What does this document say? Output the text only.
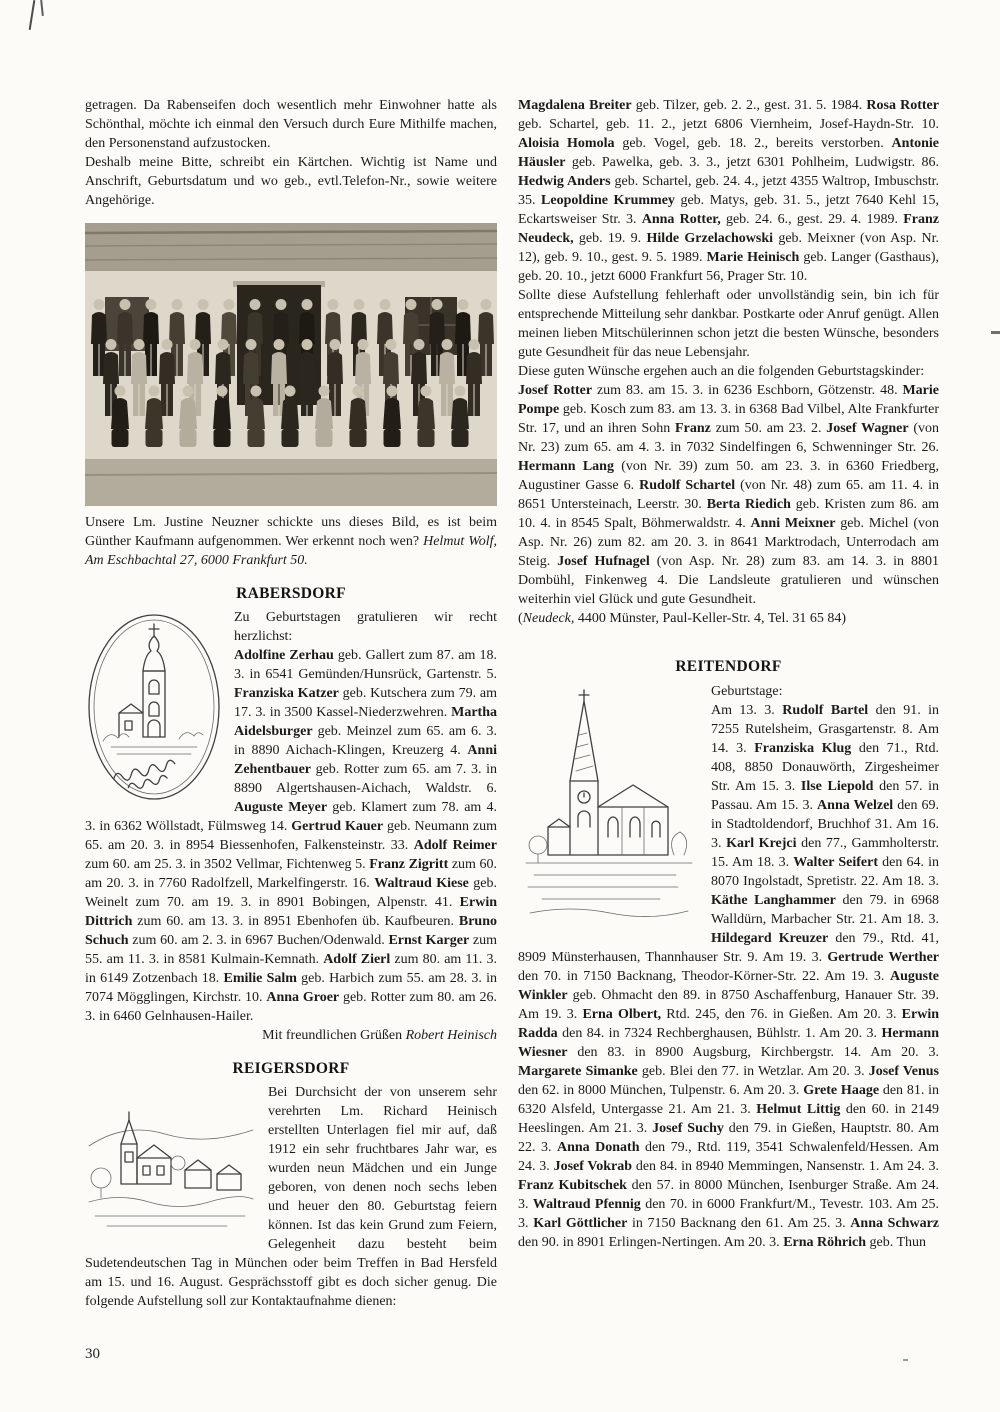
getragen. Da Rabenseifen doch wesentlich mehr Einwohner hatte als Schönthal, möchte ich einmal den Versuch durch Eure Mithilfe machen, den Personenstand aufzustocken.
Deshalb meine Bitte, schreibt ein Kärtchen. Wichtig ist Name und Anschrift, Geburtsdatum und wo geb., evtl.Telefon-Nr., sowie weitere Angehörige.

Unsere Lm. Justine Neuzner schickte uns dieses Bild, es ist beim Günther Kaufmann aufgenommen. Wer erkennt noch wen? Helmut Wolf, Am Eschbachtal 27, 6000 Frankfurt 50.

RABERSDORF

Zu Geburtstagen gratulieren wir recht herzlichst:
Adolfine Zerhau geb. Gallert zum 87. am 18. 3. in 6541 Gemünden/Hunsrück, Gartenstr. 5. Franziska Katzer geb. Kutschera zum 79. am 17. 3. in 3500 Kassel-Niederzwehren. Martha Aidelsburger geb. Meinzel zum 65. am 6. 3. in 8890 Aichach-Klingen, Kreuzerg 4. Anni Zehentbauer geb. Rotter zum 65. am 7. 3. in 8890 Algertshausen-Aichach, Waldstr. 6. Auguste Meyer geb. Klamert zum 78. am 4. 3. in 6362 Wöllstadt, Fülmsweg 14. Gertrud Kauer geb. Neumann zum 65. am 20. 3. in 8954 Biessenhofen, Falkensteinstr. 33. Adolf Reimer zum 60. am 25. 3. in 3502 Vellmar, Fichtenweg 5. Franz Zigritt zum 60. am 20. 3. in 7760 Radolfzell, Markelfingerstr. 16. Waltraud Kiese geb. Weinelt zum 70. am 19. 3. in 8901 Bobingen, Alpenstr. 41. Erwin Dittrich zum 60. am 13. 3. in 8951 Ebenhofen üb. Kaufbeuren. Bruno Schuch zum 60. am 2. 3. in 6967 Buchen/Odenwald. Ernst Karger zum 55. am 11. 3. in 8581 Kulmain-Kemnath. Adolf Zierl zum 80. am 11. 3. in 6149 Zotzenbach 18. Emilie Salm geb. Harbich zum 55. am 28. 3. in 7074 Mögglingen, Kirchstr. 10. Anna Groer geb. Rotter zum 80. am 26. 3. in 6460 Gelnhausen-Hailer.

Mit freundlichen Grüßen Robert Heinisch

REIGERSDORF

Bei Durchsicht der von unserem sehr verehrten Lm. Richard Heinisch erstellten Unterlagen fiel mir auf, daß 1912 ein sehr fruchtbares Jahr war, es wurden neun Mädchen und ein Junge geboren, von denen noch sechs leben und heuer den 80. Geburtstag feiern können. Ist das kein Grund zum Feiern, Gelegenheit dazu besteht beim Sudetendeutschen Tag in München oder beim Treffen in Bad Hersfeld am 15. und 16. August. Gesprächsstoff gibt es doch sicher genug. Die folgende Aufstellung soll zur Kontaktaufnahme dienen:

Magdalena Breiter geb. Tilzer, geb. 2. 2., gest. 31. 5. 1984. Rosa Rotter geb. Schartel, geb. 11. 2., jetzt 6806 Viernheim, Josef-Haydn-Str. 10. Aloisia Homola geb. Vogel, geb. 18. 2., bereits verstorben. Antonie Häusler geb. Pawelka, geb. 3. 3., jetzt 6301 Pohlheim, Ludwigstr. 86. Hedwig Anders geb. Schartel, geb. 24. 4., jetzt 4355 Waltrop, Imbuschstr. 35. Leopoldine Krummey geb. Matys, geb. 31. 5., jetzt 7640 Kehl 15, Eckartsweiser Str. 3. Anna Rotter, geb. 24. 6., gest. 29. 4. 1989. Franz Neudeck, geb. 19. 9. Hilde Grzelachowski geb. Meixner (von Asp. Nr. 12), geb. 9. 10., gest. 9. 5. 1989. Marie Heinisch geb. Langer (Gasthaus), geb. 20. 10., jetzt 6000 Frankfurt 56, Prager Str. 10.
Sollte diese Aufstellung fehlerhaft oder unvollständig sein, bin ich für entsprechende Mitteilung sehr dankbar. Postkarte oder Anruf genügt. Allen meinen lieben Mitschülerinnen schon jetzt die besten Wünsche, besonders gute Gesundheit für das neue Lebensjahr.
Diese guten Wünsche ergehen auch an die folgenden Geburtstagskinder:
Josef Rotter zum 83. am 15. 3. in 6236 Eschborn, Götzenstr. 48. Marie Pompe geb. Kosch zum 83. am 13. 3. in 6368 Bad Vilbel, Alte Frankfurter Str. 17, und an ihren Sohn Franz zum 50. am 23. 2. Josef Wagner (von Nr. 23) zum 65. am 4. 3. in 7032 Sindelfingen 6, Schwenninger Str. 26. Hermann Lang (von Nr. 39) zum 50. am 23. 3. in 6360 Friedberg, Augustiner Gasse 6. Rudolf Schartel (von Nr. 48) zum 65. am 11. 4. in 8651 Untersteinach, Leerstr. 30. Berta Riedich geb. Kristen zum 86. am 10. 4. in 8545 Spalt, Böhmerwaldstr. 4. Anni Meixner geb. Michel (von Asp. Nr. 26) zum 82. am 20. 3. in 8641 Marktrodach, Unterrodach am Steig. Josef Hufnagel (von Asp. Nr. 28) zum 83. am 14. 3. in 8801 Dombühl, Finkenweg 4. Die Landsleute gratulieren und wünschen weiterhin viel Glück und gute Gesundheit.
(Neudeck, 4400 Münster, Paul-Keller-Str. 4, Tel. 31 65 84)

REITENDORF

Geburtstage:
Am 13. 3. Rudolf Bartel den 91. in 7255 Rutelsheim, Grasgartenstr. 8. Am 14. 3. Franziska Klug den 71., Rtd. 408, 8850 Donauwörth, Zirgesheimer Str. Am 15. 3. Ilse Liepold den 57. in Passau. Am 15. 3. Anna Welzel den 69. in Stadtoldendorf, Bruchhof 31. Am 16. 3. Karl Krejci den 77., Gammholterstr. 15. Am 18. 3. Walter Seifert den 64. in 8070 Ingolstadt, Spretistr. 22. Am 18. 3. Käthe Langhammer den 79. in 6968 Walldürn, Marbacher Str. 21. Am 18. 3. Hildegard Kreuzer den 79., Rtd. 41, 8909 Münsterhausen, Thannhauser Str. 9. Am 19. 3. Gertrude Werther den 70. in 7150 Backnang, Theodor-Körner-Str. 22. Am 19. 3. Auguste Winkler geb. Ohmacht den 89. in 8750 Aschaffenburg, Hanauer Str. 39. Am 19. 3. Erna Olbert, Rtd. 245, den 76. in Gießen. Am 20. 3. Erwin Radda den 84. in 7324 Rechberghausen, Bühlstr. 1. Am 20. 3. Hermann Wiesner den 83. in 8900 Augsburg, Kirchbergstr. 14. Am 20. 3. Margarete Simanke geb. Blei den 77. in Wetzlar. Am 20. 3. Josef Venus den 62. in 8000 München, Tulpenstr. 6. Am 20. 3. Grete Haage den 81. in 6320 Alsfeld, Untergasse 21. Am 21. 3. Helmut Littig den 60. in 2149 Heeslingen. Am 21. 3. Josef Suchy den 79. in Gießen, Hauptstr. 80. Am 22. 3. Anna Donath den 79., Rtd. 119, 3541 Schwalenfeld/Hessen. Am 24. 3. Josef Vokrab den 84. in 8940 Memmingen, Nansenstr. 1. Am 24. 3. Franz Kubitschek den 57. in 8000 München, Isenburger Straße. Am 24. 3. Waltraud Pfennig den 70. in 6000 Frankfurt/M., Tevestr. 103. Am 25. 3. Karl Göttlicher in 7150 Backnang den 61. Am 25. 3. Anna Schwarz den 90. in 8901 Erlingen-Nertingen. Am 20. 3. Erna Röhrich geb. Thun

30
